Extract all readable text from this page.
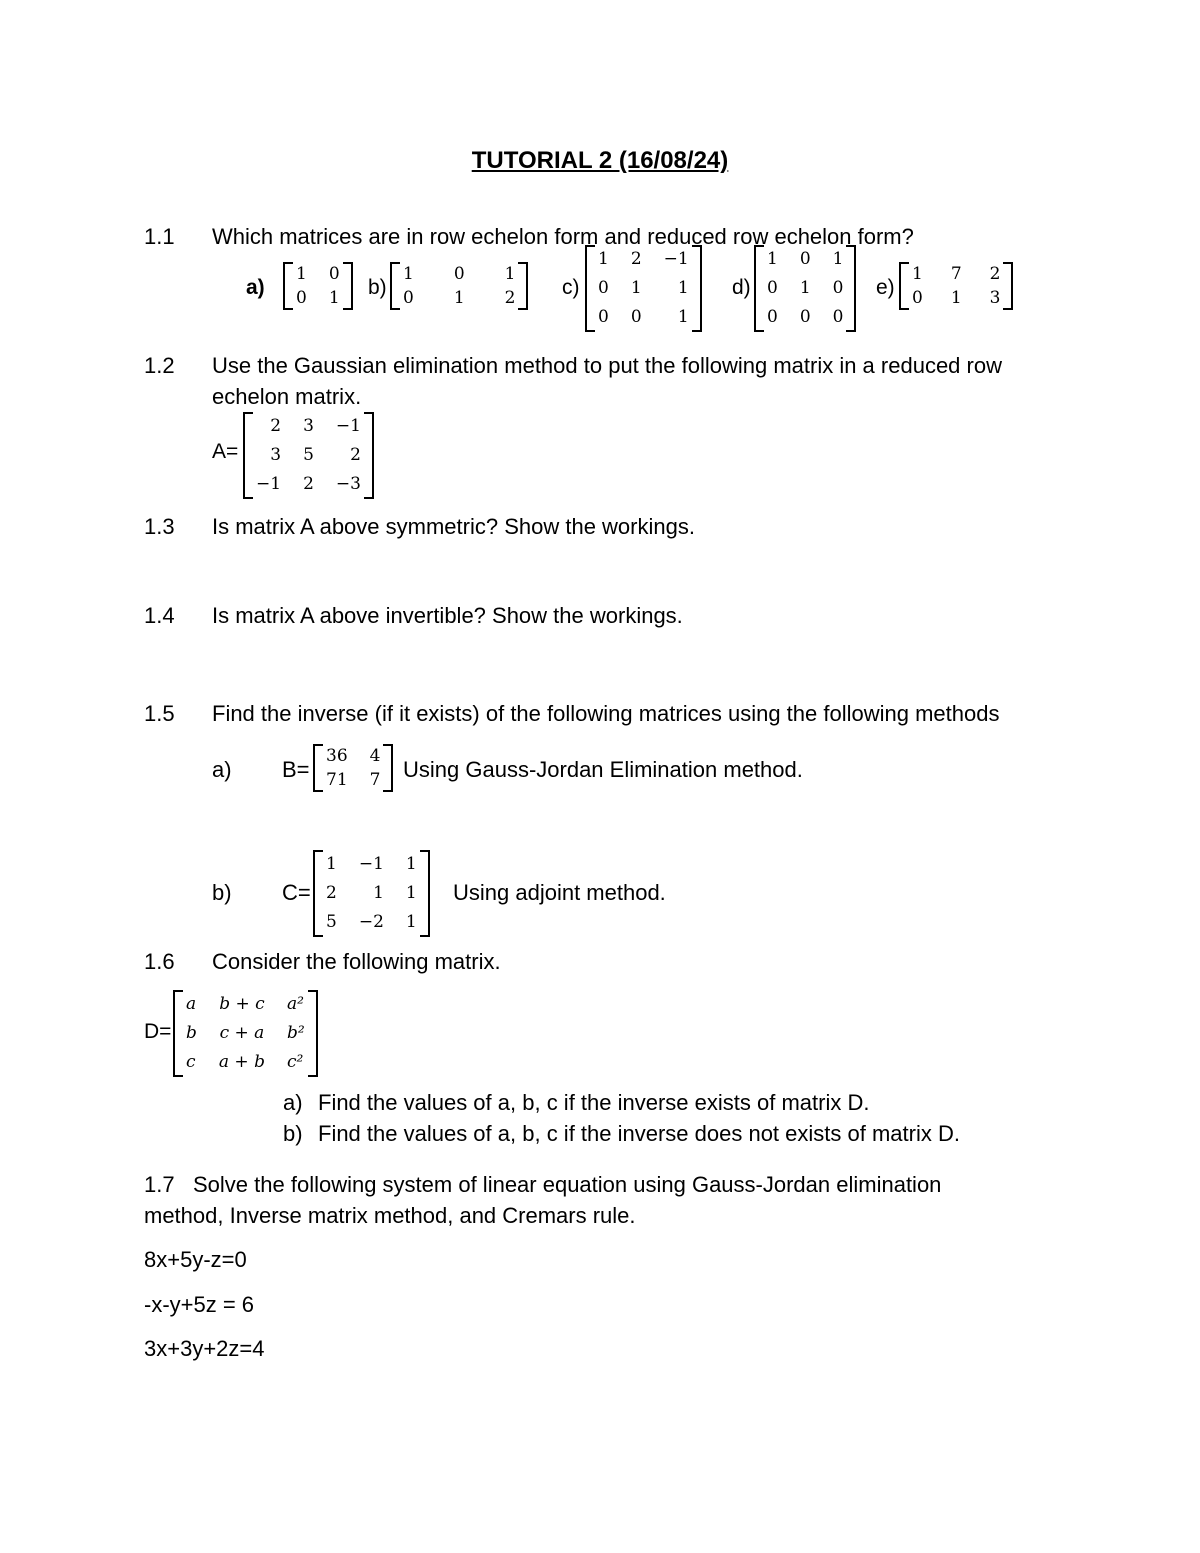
TUTORIAL 2 (16/08/24)
1.1 Which matrices are in row echelon form and reduced row echelon form?
a)
1 0
0 1 b)
1 0 1
0 1 2 c)
1 2 −1
0 1	1
0 0	1
d)
1 0 1
0 1 0
0 0 0
e)
1 7 2
0 1 3
1.2 Use the Gaussian elimination method to put the following matrix in a reduced row
echelon matrix.
A=
2 3 −1
3 5	2
−1 2 −3
1.3 Is matrix A above symmetric? Show the workings.
1.4 Is matrix A above invertible? Show the workings.
1.5 Find the inverse (if it exists) of the following matrices using the following methods
a) B=
36 4
71 7 Using Gauss-Jordan Elimination method.
b) C=
1 −1 1
2	1 1
5 −2 1
Using adjoint method.
1.6 Consider the following matrix.
D=
a b + c a²
b c + a b²
c a + b c²
a) Find the values of a, b, c if the inverse exists of matrix D.
b) Find the values of a, b, c if the inverse does not exists of matrix D.
1.7 Solve the following system of linear equation using Gauss-Jordan elimination
method, Inverse matrix method, and Cremars rule.
8x+5y-z=0
-x-y+5z = 6
3x+3y+2z=4
